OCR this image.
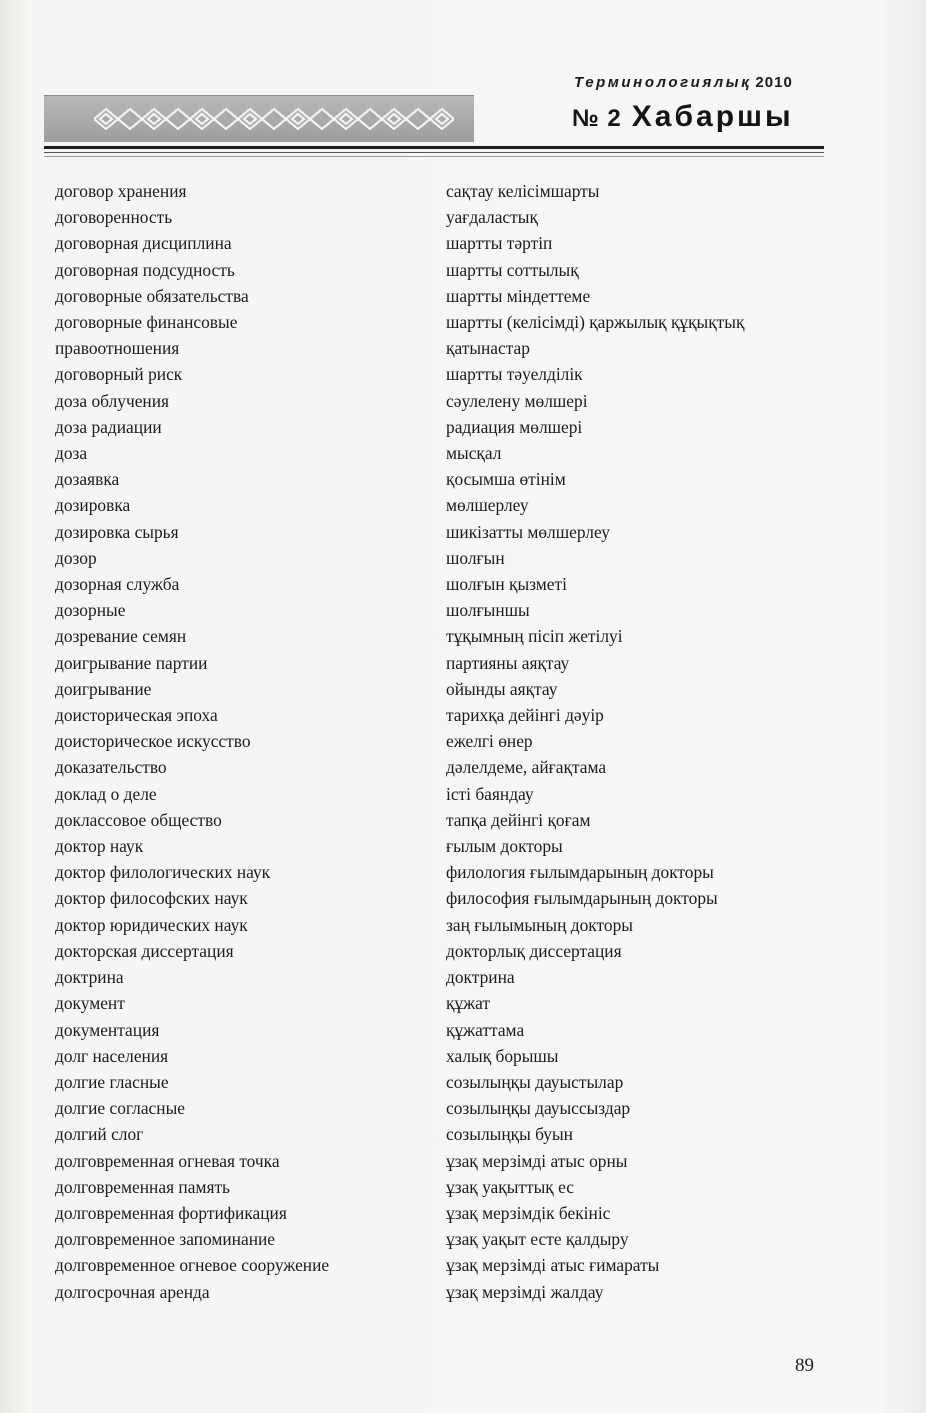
Терминологиялық 2010
№ 2 Хабаршы
договор хранения
договоренность
договорная дисциплина
договорная подсудность
договорные обязательства
договорные финансовые
правоотношения
договорный риск
доза облучения
доза радиации
доза
дозаявка
дозировка
дозировка сырья
дозор
дозорная служба
дозорные
дозревание семян
доигрывание партии
доигрывание
доисторическая эпоха
доисторическое искусство
доказательство
доклад о деле
доклассовое общество
доктор наук
доктор филологических наук
доктор философских наук
доктор юридических наук
докторская диссертация
доктрина
документ
документация
долг населения
долгие гласные
долгие согласные
долгий слог
долговременная огневая точка
долговременная память
долговременная фортификация
долговременное запоминание
долговременное огневое сооружение
долгосрочная аренда
сақтау келісімшарты
уағдаластық
шартты тәртіп
шартты соттылық
шартты міндеттеме
шартты (келісімді) қаржылық құқықтық
қатынастар
шартты тәуелділік
сәулелену мөлшері
радиация мөлшері
мысқал
қосымша өтінім
мөлшерлеу
шикізатты мөлшерлеу
шолғын
шолғын қызметі
шолғыншы
тұқымның пісіп жетілуі
партияны аяқтау
ойынды аяқтау
тарихқа дейінгі дәуір
ежелгі өнер
дәлелдеме, айғақтама
істі баяндау
тапқа дейінгі қоғам
ғылым докторы
филология ғылымдарының докторы
философия ғылымдарының докторы
заң ғылымының докторы
докторлық диссертация
доктрина
құжат
құжаттама
халық борышы
созылыңқы дауыстылар
созылыңқы дауыссыздар
созылыңқы буын
ұзақ мерзімді атыс орны
ұзақ уақыттық ес
ұзақ мерзімдік бекініс
ұзақ уақыт есте қалдыру
ұзақ мерзімді атыс ғимараты
ұзақ мерзімді жалдау
89
